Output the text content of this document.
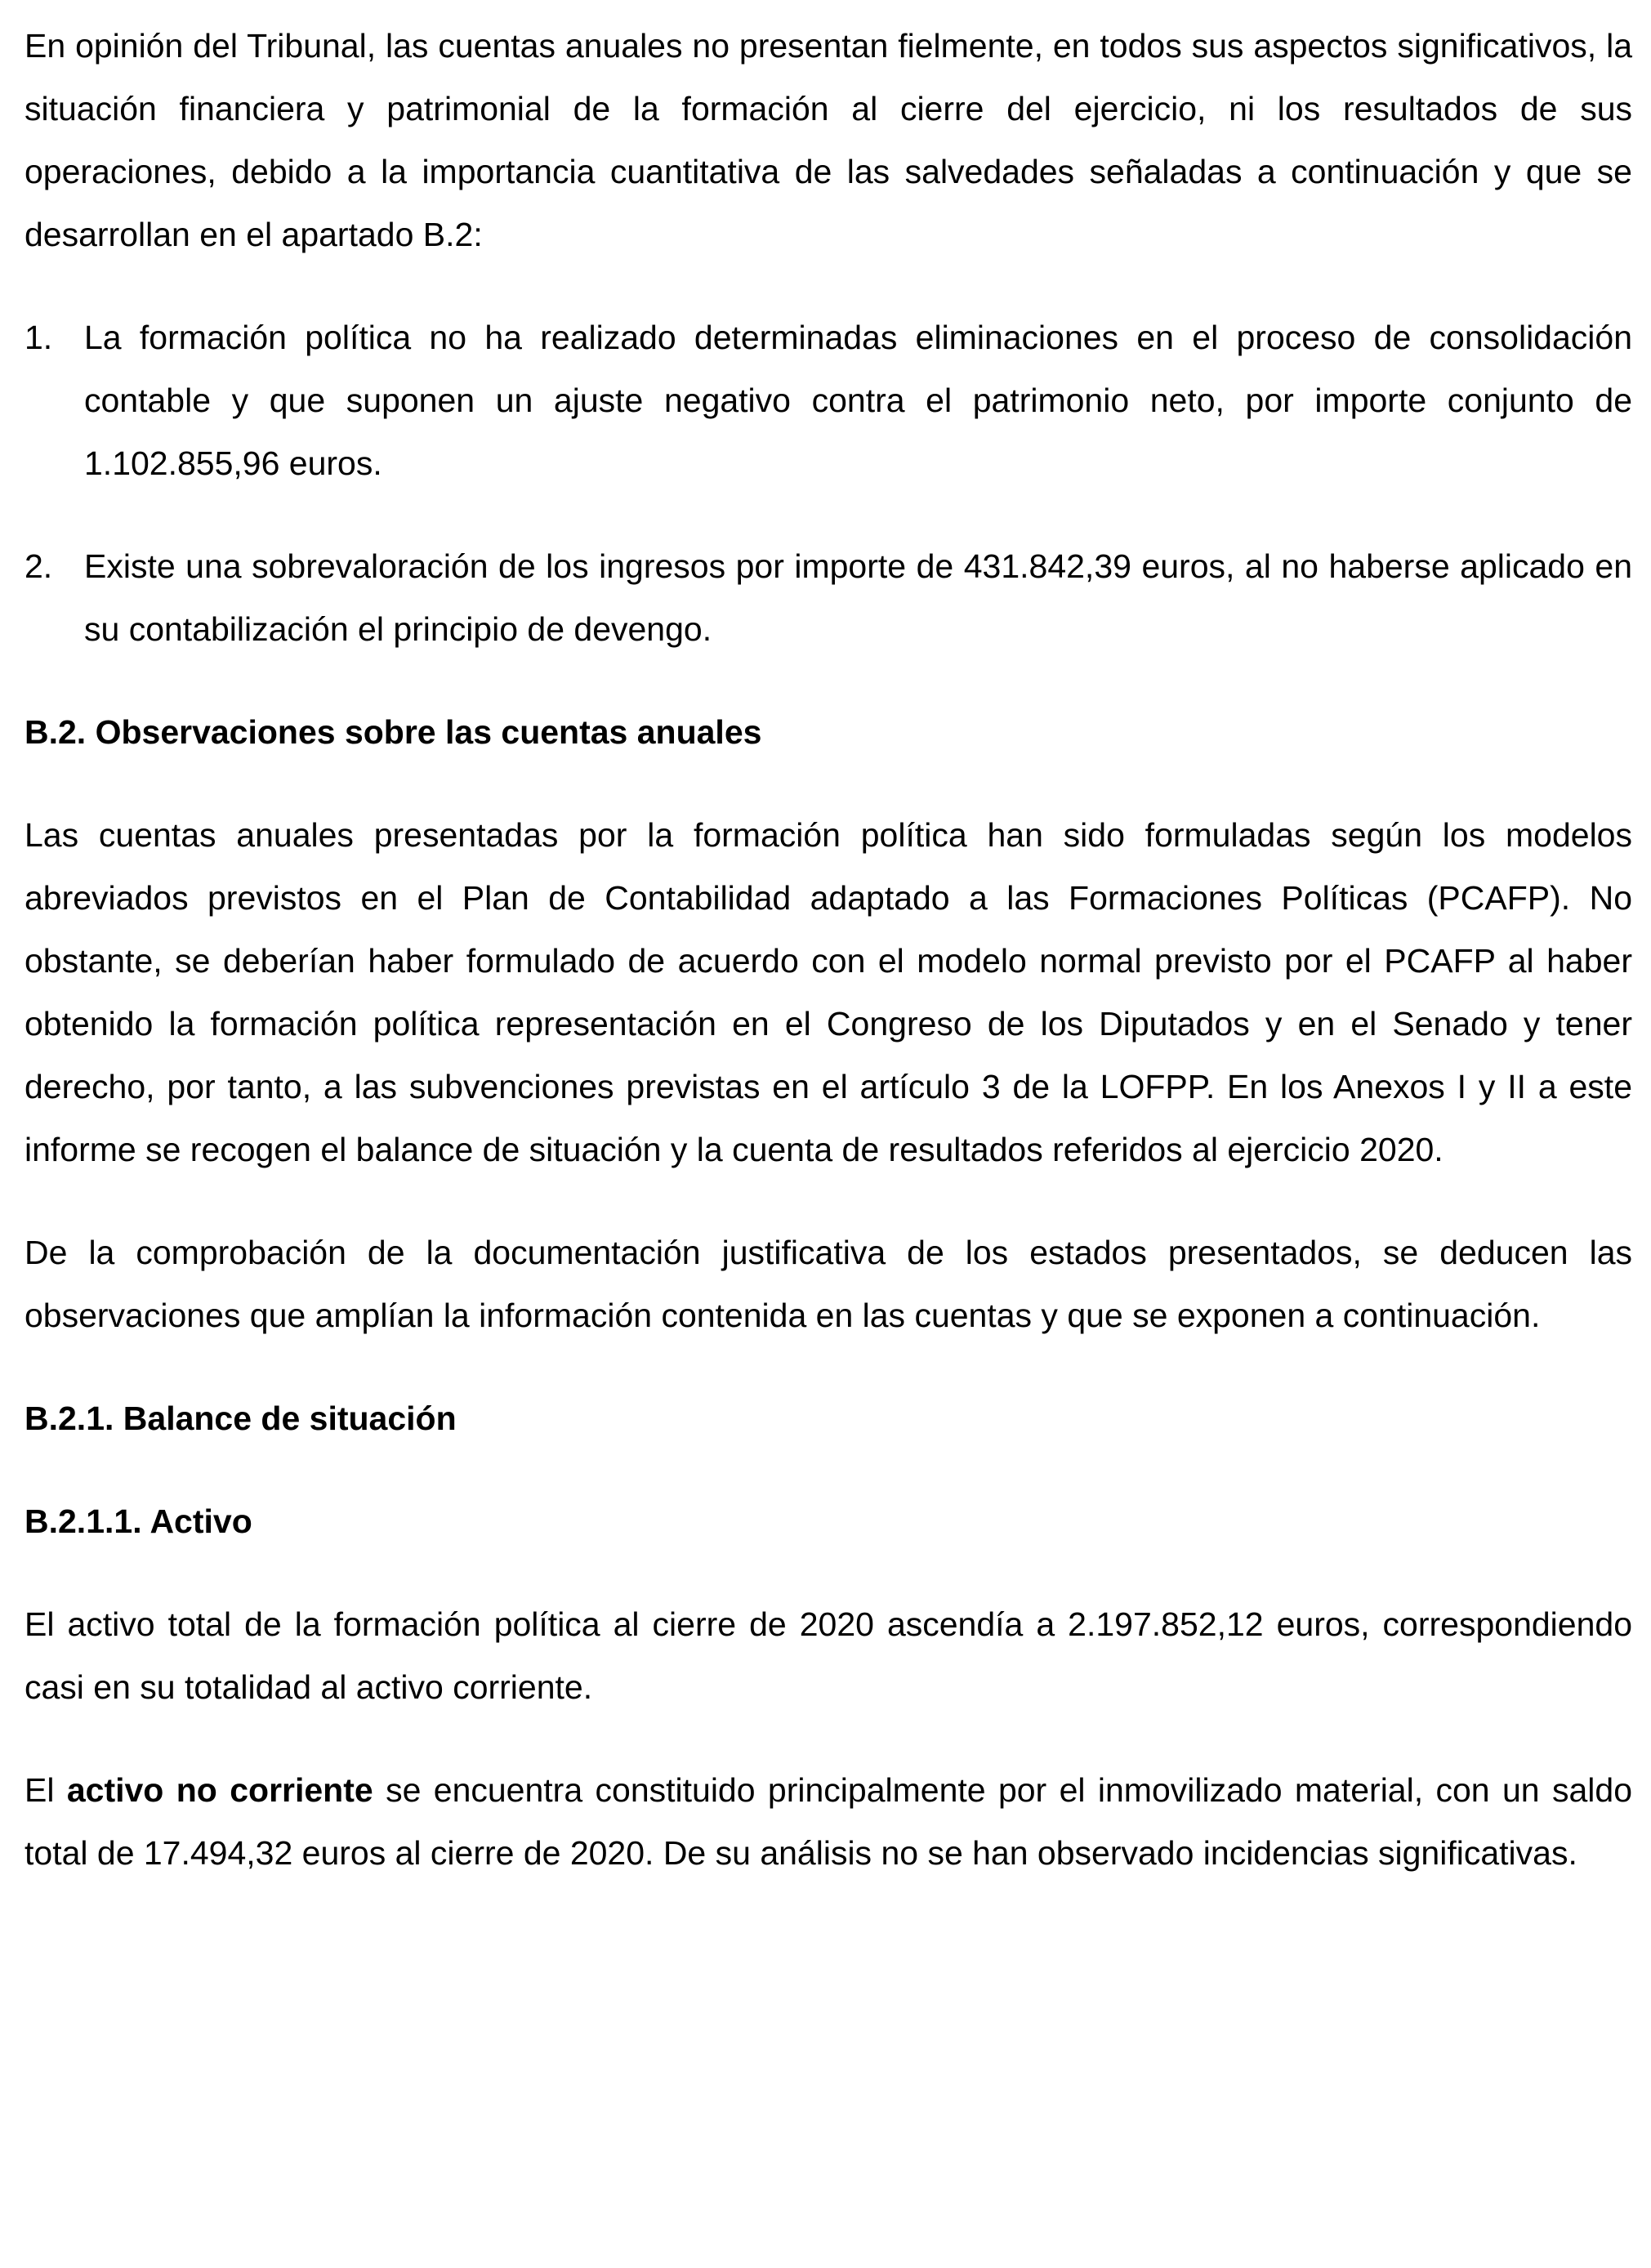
En opinión del Tribunal, las cuentas anuales no presentan fielmente, en todos sus aspectos significativos, la situación financiera y patrimonial de la formación al cierre del ejercicio, ni los resultados de sus operaciones, debido a la importancia cuantitativa de las salvedades señaladas a continuación y que se desarrollan en el apartado B.2:

1. La formación política no ha realizado determinadas eliminaciones en el proceso de consolidación contable y que suponen un ajuste negativo contra el patrimonio neto, por importe conjunto de 1.102.855,96 euros.
2. Existe una sobrevaloración de los ingresos por importe de 431.842,39 euros, al no haberse aplicado en su contabilización el principio de devengo.
B.2. Observaciones sobre las cuentas anuales

Las cuentas anuales presentadas por la formación política han sido formuladas según los modelos abreviados previstos en el Plan de Contabilidad adaptado a las Formaciones Políticas (PCAFP). No obstante, se deberían haber formulado de acuerdo con el modelo normal previsto por el PCAFP al haber obtenido la formación política representación en el Congreso de los Diputados y en el Senado y tener derecho, por tanto, a las subvenciones previstas en el artículo 3 de la LOFPP. En los Anexos I y II a este informe se recogen el balance de situación y la cuenta de resultados referidos al ejercicio 2020.

De la comprobación de la documentación justificativa de los estados presentados, se deducen las observaciones que amplían la información contenida en las cuentas y que se exponen a continuación.

B.2.1. Balance de situación
B.2.1.1. Activo

El activo total de la formación política al cierre de 2020 ascendía a 2.197.852,12 euros, correspondiendo casi en su totalidad al activo corriente.

El activo no corriente se encuentra constituido principalmente por el inmovilizado material, con un saldo total de 17.494,32 euros al cierre de 2020. De su análisis no se han observado incidencias significativas.
